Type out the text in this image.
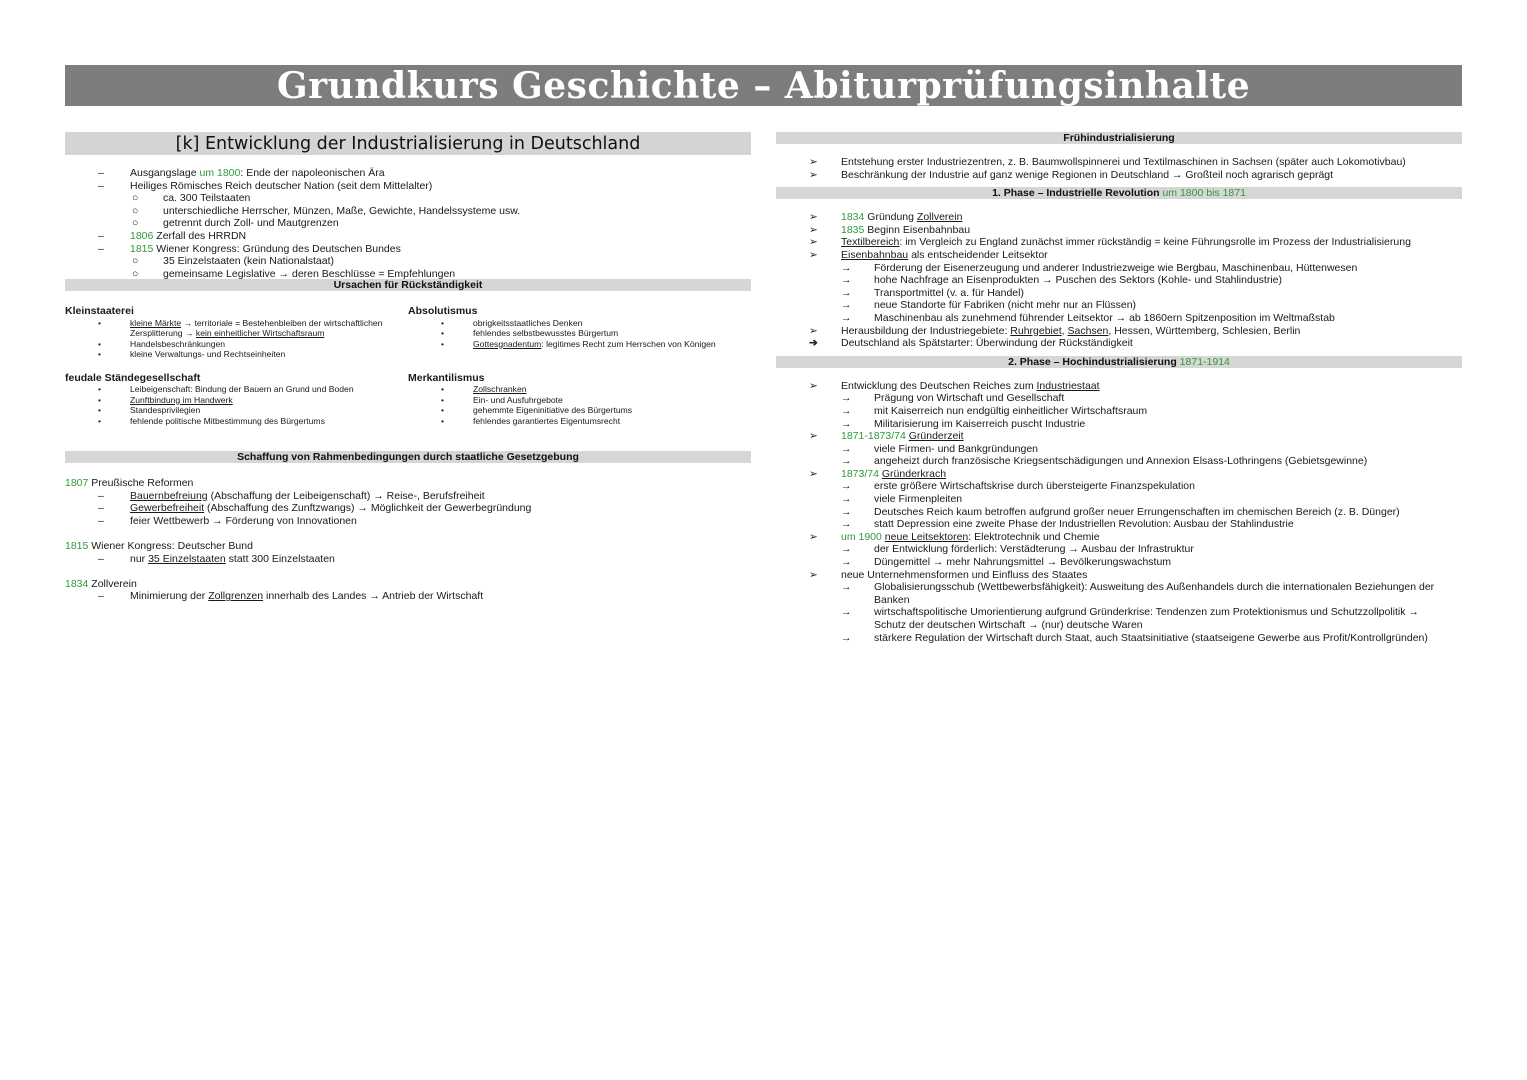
Grundkurs Geschichte – Abiturprüfungsinhalte
[k] Entwicklung der Industrialisierung in Deutschland
– Ausgangslage um 1800: Ende der napoleonischen Ära
– Heiliges Römisches Reich deutscher Nation (seit dem Mittelalter)
○ ca. 300 Teilstaaten
○ unterschiedliche Herrscher, Münzen, Maße, Gewichte, Handelssysteme usw.
○ getrennt durch Zoll- und Mautgrenzen
– 1806 Zerfall des HRRDN
– 1815 Wiener Kongress: Gründung des Deutschen Bundes
○ 35 Einzelstaaten (kein Nationalstaat)
○ gemeinsame Legislative → deren Beschlüsse = Empfehlungen
Ursachen für Rückständigkeit
Kleinstaaterei
•	kleine Märkte → territoriale = Bestehenbleiben der wirtschaftlichen
Zersplitterung → kein einheitlicher Wirtschaftsraum
•	Handelsbeschränkungen
•	kleine Verwaltungs- und Rechtseinheiten
feudale Ständegesellschaft
•	Leibeigenschaft: Bindung der Bauern an Grund und Boden
•	Zunftbindung im Handwerk
•	Standesprivilegien
•	fehlende politische Mitbestimmung des Bürgertums
Absolutismus
•	obrigkeitsstaatliches Denken
•	fehlendes selbstbewusstes Bürgertum
•	Gottesgnadentum: legitimes Recht zum Herrschen von Königen
Merkantilismus
•	Zollschranken
•	Ein- und Ausfuhrgebote
•	gehemmte Eigeninitiative des Bürgertums
•	fehlendes garantiertes Eigentumsrecht
Schaffung von Rahmenbedingungen durch staatliche Gesetzgebung
1807 Preußische Reformen
– Bauernbefreiung (Abschaffung der Leibeigenschaft) → Reise-, Berufsfreiheit
– Gewerbefreiheit (Abschaffung des Zunftzwangs) → Möglichkeit der Gewerbegründung
– feier Wettbewerb → Förderung von Innovationen
1815 Wiener Kongress: Deutscher Bund
– nur 35 Einzelstaaten statt 300 Einzelstaaten
1834 Zollverein
– Minimierung der Zollgrenzen innerhalb des Landes → Antrieb der Wirtschaft
Frühindustrialisierung
➢ Entstehung erster Industriezentren, z. B. Baumwollspinnerei und Textilmaschinen in Sachsen (später auch Lokomotivbau)
➢ Beschränkung der Industrie auf ganz wenige Regionen in Deutschland → Großteil noch agrarisch geprägt
1. Phase – Industrielle Revolution um 1800 bis 1871
➢ 1834 Gründung Zollverein
➢ 1835 Beginn Eisenbahnbau
➢ Textilbereich: im Vergleich zu England zunächst immer rückständig = keine Führungsrolle im Prozess der Industrialisierung
➢ Eisenbahnbau als entscheidender Leitsektor
→ Förderung der Eisenerzeugung und anderer Industriezweige wie Bergbau, Maschinenbau, Hüttenwesen
→ hohe Nachfrage an Eisenprodukten → Puschen des Sektors (Kohle- und Stahlindustrie)
→ Transportmittel (v. a. für Handel)
→ neue Standorte für Fabriken (nicht mehr nur an Flüssen)
→ Maschinenbau als zunehmend führender Leitsektor → ab 1860ern Spitzenposition im Weltmaßstab
➢ Herausbildung der Industriegebiete: Ruhrgebiet, Sachsen, Hessen, Württemberg, Schlesien, Berlin
➔ Deutschland als Spätstarter: Überwindung der Rückständigkeit
2. Phase – Hochindustrialisierung 1871-1914
➢ Entwicklung des Deutschen Reiches zum Industriestaat
→ Prägung von Wirtschaft und Gesellschaft
→ mit Kaiserreich nun endgültig einheitlicher Wirtschaftsraum
→ Militarisierung im Kaiserreich puscht Industrie
➢ 1871-1873/74 Gründerzeit
→ viele Firmen- und Bankgründungen
→ angeheizt durch französische Kriegsentschädigungen und Annexion Elsass-Lothringens (Gebietsgewinne)
➢ 1873/74 Gründerkrach
→ erste größere Wirtschaftskrise durch übersteigerte Finanzspekulation
→ viele Firmenpleiten
→ Deutsches Reich kaum betroffen aufgrund großer neuer Errungenschaften im chemischen Bereich (z. B. Dünger)
→ statt Depression eine zweite Phase der Industriellen Revolution: Ausbau der Stahlindustrie
➢ um 1900 neue Leitsektoren: Elektrotechnik und Chemie
→ der Entwicklung förderlich: Verstädterung → Ausbau der Infrastruktur
→ Düngemittel → mehr Nahrungsmittel → Bevölkerungswachstum
➢ neue Unternehmensformen und Einfluss des Staates
→ Globalisierungsschub (Wettbewerbsfähigkeit): Ausweitung des Außenhandels durch die internationalen Beziehungen der
Banken
→ wirtschaftspolitische Umorientierung aufgrund Gründerkrise: Tendenzen zum Protektionismus und Schutzzollpolitik →
Schutz der deutschen Wirtschaft → (nur) deutsche Waren
→ stärkere Regulation der Wirtschaft durch Staat, auch Staatsinitiative (staatseigene Gewerbe aus Profit/Kontrollgründen)
